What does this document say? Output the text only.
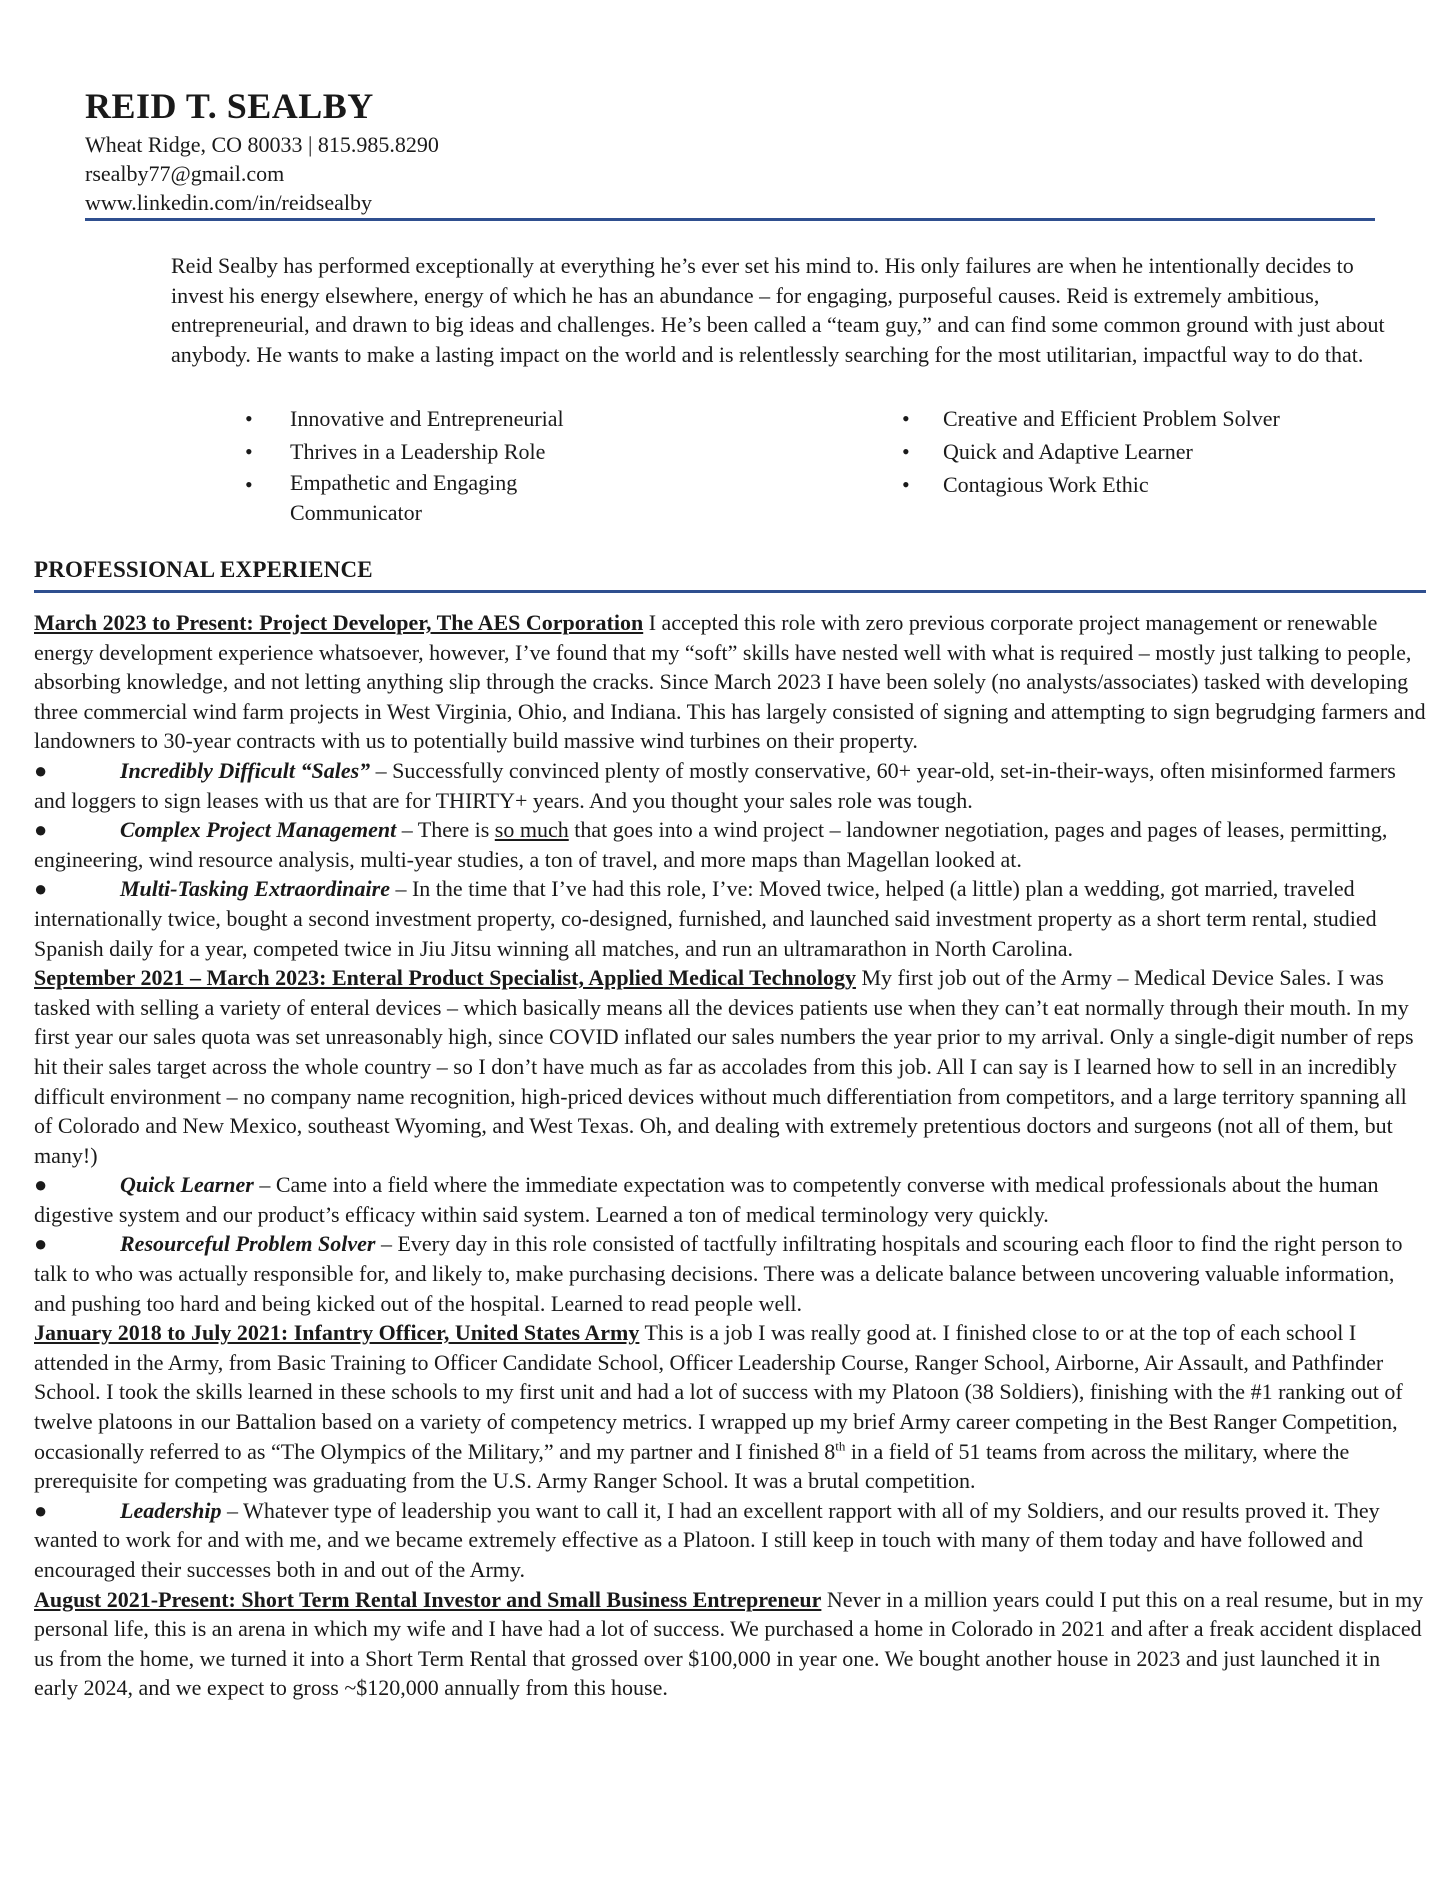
REID T. SEALBY
Wheat Ridge, CO 80033 | 815.985.8290
rsealby77@gmail.com
www.linkedin.com/in/reidsealby

Reid Sealby has performed exceptionally at everything he’s ever set his mind to. His only failures are when he intentionally decides to invest his energy elsewhere, energy of which he has an abundance – for engaging, purposeful causes. Reid is extremely ambitious, entrepreneurial, and drawn to big ideas and challenges. He’s been called a “team guy,” and can find some common ground with just about anybody. He wants to make a lasting impact on the world and is relentlessly searching for the most utilitarian, impactful way to do that.

• Innovative and Entrepreneurial
• Thrives in a Leadership Role
• Empathetic and Engaging Communicator
• Creative and Efficient Problem Solver
• Quick and Adaptive Learner
• Contagious Work Ethic
PROFESSIONAL EXPERIENCE

March 2023 to Present: Project Developer, The AES Corporation I accepted this role with zero previous corporate project management or renewable energy development experience whatsoever, however, I’ve found that my “soft” skills have nested well with what is required – mostly just talking to people, absorbing knowledge, and not letting anything slip through the cracks. Since March 2023 I have been solely (no analysts/associates) tasked with developing three commercial wind farm projects in West Virginia, Ohio, and Indiana. This has largely consisted of signing and attempting to sign begrudging farmers and landowners to 30-year contracts with us to potentially build massive wind turbines on their property.

●	Incredibly Difficult “Sales” – Successfully convinced plenty of mostly conservative, 60+ year-old, set-in-their-ways, often misinformed farmers and loggers to sign leases with us that are for THIRTY+ years. And you thought your sales role was tough.

●	Complex Project Management – There is so much that goes into a wind project – landowner negotiation, pages and pages of leases, permitting, engineering, wind resource analysis, multi-year studies, a ton of travel, and more maps than Magellan looked at.

●	Multi-Tasking Extraordinaire – In the time that I’ve had this role, I’ve: Moved twice, helped (a little) plan a wedding, got married, traveled internationally twice, bought a second investment property, co-designed, furnished, and launched said investment property as a short term rental, studied Spanish daily for a year, competed twice in Jiu Jitsu winning all matches, and run an ultramarathon in North Carolina.

September 2021 – March 2023: Enteral Product Specialist, Applied Medical Technology My first job out of the Army – Medical Device Sales. I was tasked with selling a variety of enteral devices – which basically means all the devices patients use when they can’t eat normally through their mouth. In my first year our sales quota was set unreasonably high, since COVID inflated our sales numbers the year prior to my arrival. Only a single-digit number of reps hit their sales target across the whole country – so I don’t have much as far as accolades from this job. All I can say is I learned how to sell in an incredibly difficult environment – no company name recognition, high-priced devices without much differentiation from competitors, and a large territory spanning all of Colorado and New Mexico, southeast Wyoming, and West Texas. Oh, and dealing with extremely pretentious doctors and surgeons (not all of them, but many!)

●	Quick Learner – Came into a field where the immediate expectation was to competently converse with medical professionals about the human digestive system and our product’s efficacy within said system. Learned a ton of medical terminology very quickly.

●	Resourceful Problem Solver – Every day in this role consisted of tactfully infiltrating hospitals and scouring each floor to find the right person to talk to who was actually responsible for, and likely to, make purchasing decisions. There was a delicate balance between uncovering valuable information, and pushing too hard and being kicked out of the hospital. Learned to read people well.

January 2018 to July 2021: Infantry Officer, United States Army This is a job I was really good at. I finished close to or at the top of each school I attended in the Army, from Basic Training to Officer Candidate School, Officer Leadership Course, Ranger School, Airborne, Air Assault, and Pathfinder School. I took the skills learned in these schools to my first unit and had a lot of success with my Platoon (38 Soldiers), finishing with the #1 ranking out of twelve platoons in our Battalion based on a variety of competency metrics. I wrapped up my brief Army career competing in the Best Ranger Competition, occasionally referred to as “The Olympics of the Military,” and my partner and I finished 8th in a field of 51 teams from across the military, where the prerequisite for competing was graduating from the U.S. Army Ranger School. It was a brutal competition.

●	Leadership – Whatever type of leadership you want to call it, I had an excellent rapport with all of my Soldiers, and our results proved it. They wanted to work for and with me, and we became extremely effective as a Platoon. I still keep in touch with many of them today and have followed and encouraged their successes both in and out of the Army.

August 2021-Present: Short Term Rental Investor and Small Business Entrepreneur Never in a million years could I put this on a real resume, but in my personal life, this is an arena in which my wife and I have had a lot of success. We purchased a home in Colorado in 2021 and after a freak accident displaced us from the home, we turned it into a Short Term Rental that grossed over $100,000 in year one. We bought another house in 2023 and just launched it in early 2024, and we expect to gross ~$120,000 annually from this house.
